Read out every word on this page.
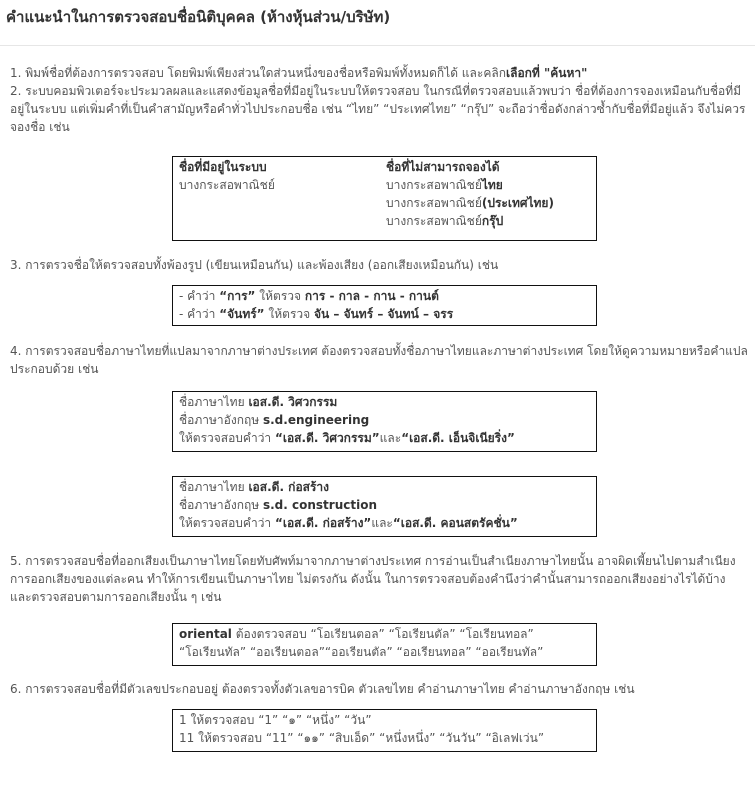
คำแนะนำในการตรวจสอบชื่อนิติบุคคล (ห้างหุ้นส่วน/บริษัท)

1. พิมพ์ชื่อที่ต้องการตรวจสอบ โดยพิมพ์เพียงส่วนใดส่วนหนึ่งของชื่อหรือพิมพ์ทั้งหมดก็ได้ และคลิกเลือกที่ "ค้นหา"

2. ระบบคอมพิวเตอร์จะประมวลผลและแสดงข้อมูลชื่อที่มีอยู่ในระบบให้ตรวจสอบ ในกรณีที่ตรวจสอบแล้วพบว่า ชื่อที่ต้องการจองเหมือนกับชื่อที่มีอยู่ในระบบ แต่เพิ่มคำที่เป็นคำสามัญหรือคำทั่วไปประกอบชื่อ เช่น “ไทย” “ประเทศไทย” “กรุ๊ป” จะถือว่าชื่อดังกล่าวซ้ำกับชื่อที่มีอยู่แล้ว จึงไม่ควรจองชื่อ เช่น

ชื่อที่มีอยู่ในระบบ
บางกระสอพาณิชย์
ชื่อที่ไม่สามารถจองได้
บางกระสอพาณิชย์ไทย
บางกระสอพาณิชย์(ประเทศไทย)
บางกระสอพาณิชย์กรุ๊ป

3. การตรวจชื่อให้ตรวจสอบทั้งพ้องรูป (เขียนเหมือนกัน) และพ้องเสียง (ออกเสียงเหมือนกัน) เช่น

- คำว่า “การ” ให้ตรวจ การ - กาล - กาน - กานต์
- คำว่า “จันทร์” ให้ตรวจ จัน – จันทร์ – จันทน์ – จรร

4. การตรวจสอบชื่อภาษาไทยที่แปลมาจากภาษาต่างประเทศ ต้องตรวจสอบทั้งชื่อภาษาไทยและภาษาต่างประเทศ โดยให้ดูความหมายหรือคำแปลประกอบด้วย เช่น

ชื่อภาษาไทย เอส.ดี. วิศวกรรม
ชื่อภาษาอังกฤษ s.d.engineering
ให้ตรวจสอบคำว่า “เอส.ดี. วิศวกรรม”และ“เอส.ดี. เอ็นจิเนียริ่ง”
ชื่อภาษาไทย เอส.ดี. ก่อสร้าง
ชื่อภาษาอังกฤษ s.d. construction
ให้ตรวจสอบคำว่า “เอส.ดี. ก่อสร้าง”และ“เอส.ดี. คอนสตรัคชั่น”

5. การตรวจสอบชื่อที่ออกเสียงเป็นภาษาไทยโดยทับศัพท์มาจากภาษาต่างประเทศ การอ่านเป็นสำเนียงภาษาไทยนั้น อาจผิดเพี้ยนไปตามสำเนียงการออกเสียงของแต่ละคน ทำให้การเขียนเป็นภาษาไทย ไม่ตรงกัน ดังนั้น ในการตรวจสอบต้องคำนึงว่าคำนั้นสามารถออกเสียงอย่างไรได้บ้าง และตรวจสอบตามการออกเสียงนั้น ๆ เช่น

oriental ต้องตรวจสอบ “โอเรียนตอล” “โอเรียนตัล” “โอเรียนทอล”
“โอเรียนทัล” “ออเรียนตอล”“ออเรียนตัล” “ออเรียนทอล” “ออเรียนทัล”

6. การตรวจสอบชื่อที่มีตัวเลขประกอบอยู่ ต้องตรวจทั้งตัวเลขอารบิค ตัวเลขไทย คำอ่านภาษาไทย คำอ่านภาษาอังกฤษ เช่น

1 ให้ตรวจสอบ “1” “๑” “หนึ่ง” “วัน”
11 ให้ตรวจสอบ “11” “๑๑” “สิบเอ็ด” “หนึ่งหนึ่ง” “วันวัน” “อิเลฟเว่น”
